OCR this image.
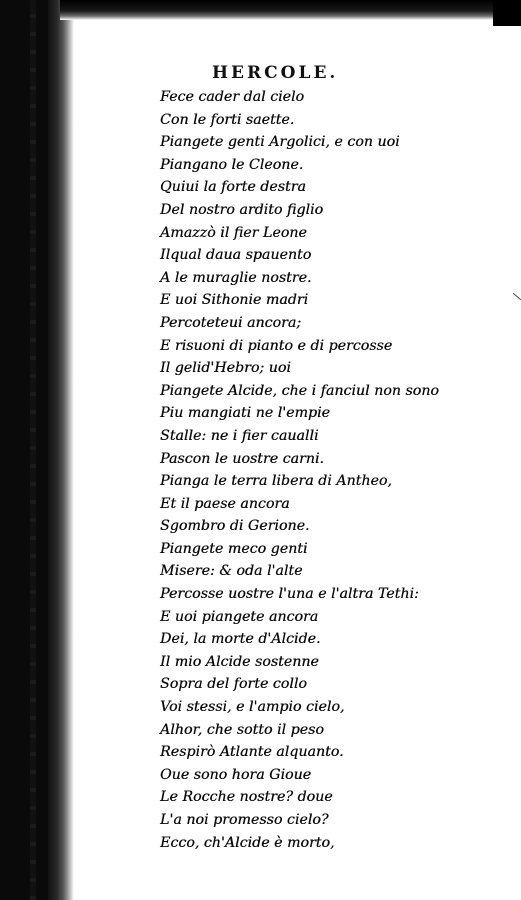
HERCOLE.
Fece cader dal cielo
Con le forti saette.
Piangete genti Argolici, e con uoi
Piangano le Cleone.
Quiui la forte destra
Del nostro ardito figlio
Amazzò il fier Leone
Ilqual daua spauento
A le muraglie nostre.
E uoi Sithonie madri
Percoteteui ancora;
E risuoni di pianto e di percosse
Il gelid'Hebro; uoi
Piangete Alcide, che i fanciul non sono
Piu mangiati ne l'empie
Stalle: ne i fier caualli
Pascon le uostre carni.
Pianga le terra libera di Antheo,
Et il paese ancora
Sgombro di Gerione.
Piangete meco genti
Misere: & oda l'alte
Percosse uostre l'una e l'altra Tethi:
E uoi piangete ancora
Dei, la morte d'Alcide.
Il mio Alcide sostenne
Sopra del forte collo
Voi stessi, e l'ampio cielo,
Alhor, che sotto il peso
Respirò Atlante alquanto.
Oue sono hora Gioue
Le Rocche nostre? doue
L'a noi promesso cielo?
Ecco, ch'Alcide è morto,
